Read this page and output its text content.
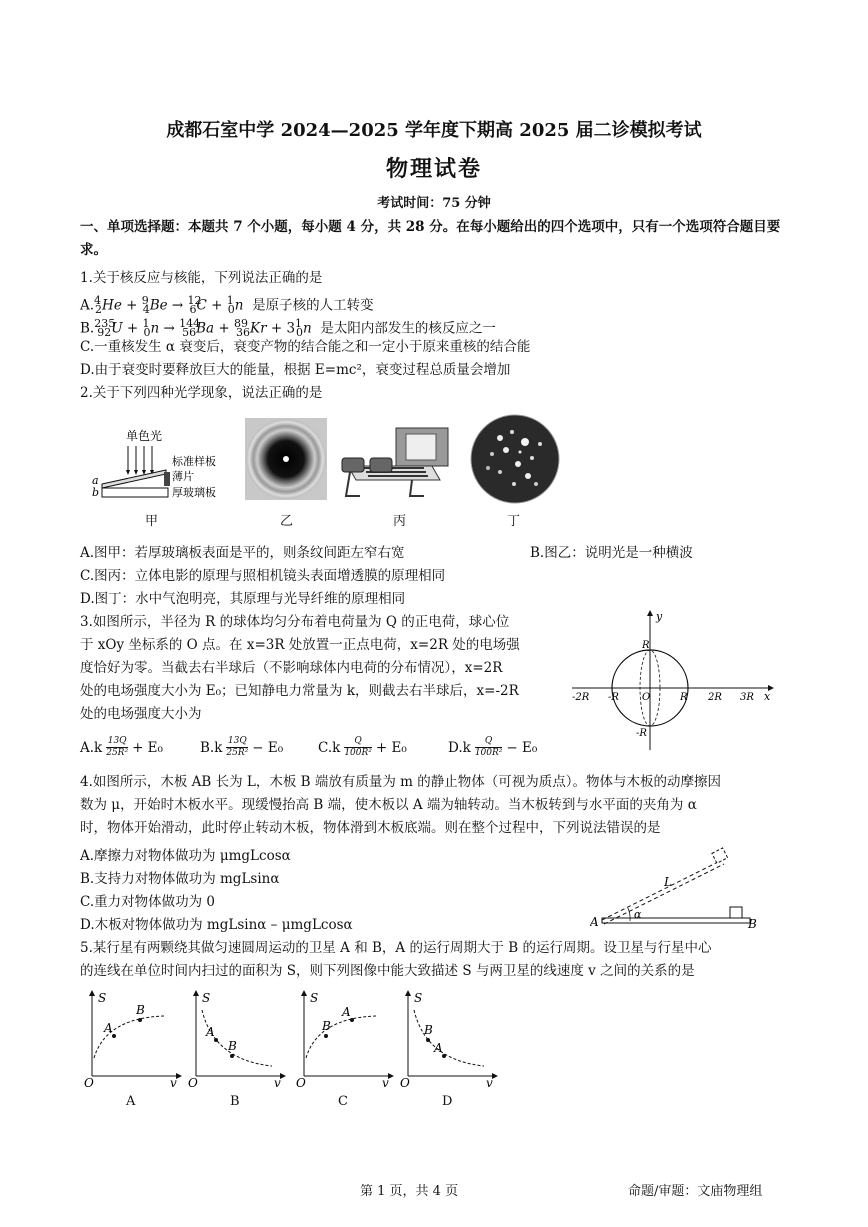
成都石室中学 2024—2025 学年度下期高 2025 届二诊模拟考试
物理试卷
考试时间：75 分钟
一、单项选择题：本题共 7 个小题，每小题 4 分，共 28 分。在每小题给出的四个选项中，只有一个选项符合题目要求。
1.关于核反应与核能，下列说法正确的是
A.$^4_2$He + $^9_4$Be → $^{12}_6$C + $^1_0$n 是原子核的人工转变
$B.^{235}_{92}U + ^1_0n \to ^{144}_{56}Ba + ^{89}_{36}Kr + 3^1_0n$ 是太阳内部发生的核反应之一
C.一重核发生 α 衰变后，衰变产物的结合能之和一定小于原来重核的结合能
D.由于衰变时要释放巨大的能量，根据 E=mc²，衰变过程总质量会增加
2.关于下列四种光学现象，说法正确的是
单色光
标准样板
薄片
厚玻璃板
a
b
甲	乙	丙	丁
A.图甲：若厚玻璃板表面是平的，则条纹间距左窄右宽	B.图乙：说明光是一种横波
C.图丙：立体电影的原理与照相机镜头表面增透膜的原理相同
D.图丁：水中气泡明亮，其原理与光导纤维的原理相同
3.如图所示，半径为 R 的球体均匀分布着电荷量为 Q 的正电荷，球心位
于 xOy 坐标系的 O 点。在 x=3R 处放置一正点电荷，x=2R 处的电场强
度恰好为零。当截去右半球后（不影响球体内电荷的分布情况），x=2R
处的电场强度大小为 E₀；已知静电力常量为 k，则截去右半球后，x=-2R
处的电场强度大小为
y
x
R
-R
O
-2R -R	R 2R 3R
$A.k \frac{13Q}{\text{25R²}} + E_0$	$B.k \frac{13Q}{\text{25R²}} - E_0$	$C.k \frac{Q}{\text{100R²}} + E_0$	$D.k \frac{Q}{\text{100R²}} - E_0$
4.如图所示，木板 AB 长为 L，木板 B 端放有质量为 m 的静止物体（可视为质点）。物体与木板的动摩擦因
数为 μ，开始时木板水平。现缓慢抬高 B 端，使木板以 A 端为轴转动。当木板转到与水平面的夹角为 α
时，物体开始滑动，此时停止转动木板，物体滑到木板底端。则在整个过程中，下列说法错误的是
A.摩擦力对物体做功为 μmgLcosα
B.支持力对物体做功为 mgLsinα
C.重力对物体做功为 0
D.木板对物体做功为 mgLsinα – μmgLcosα
L
A
α
B
5.某行星有两颗绕其做匀速圆周运动的卫星 A 和 B，A 的运行周期大于 B 的运行周期。设卫星与行星中心
的连线在单位时间内扫过的面积为 S，则下列图像中能大致描述 S 与两卫星的线速度 v 之间的关系的是
A
B
S
v
O
A
A
B
S
v
O
B
A
B
S
v
O
C
A
B
S
v
O
D
第 1 页，共 4 页	命题/审题：文庙物理组
